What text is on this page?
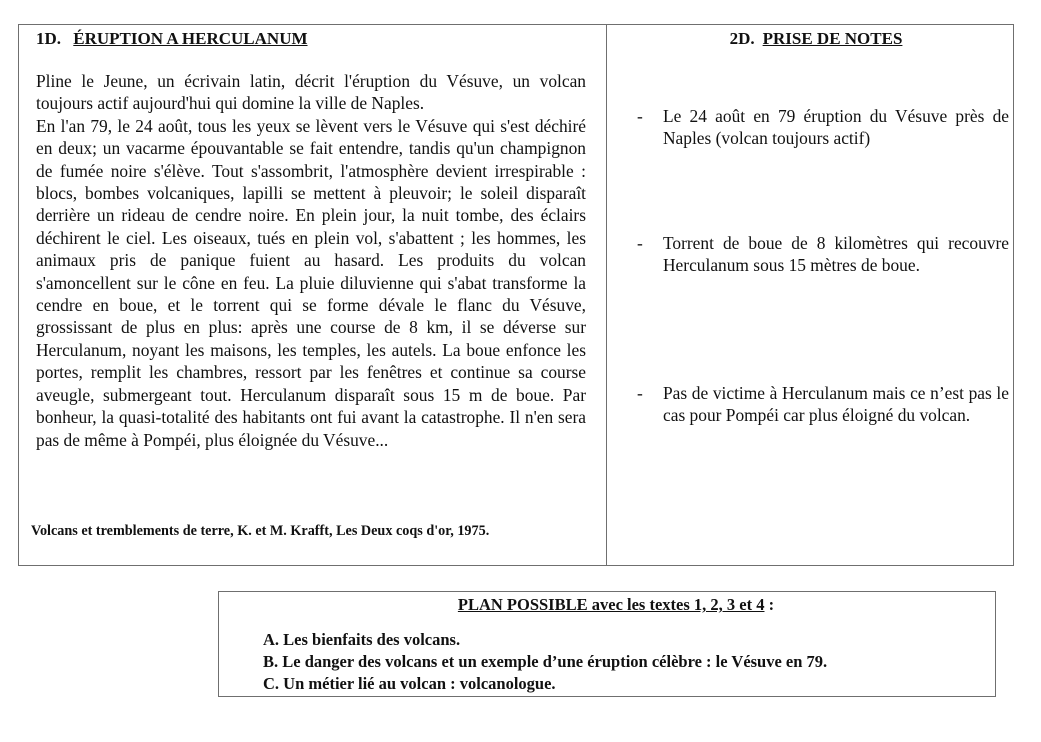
1D. ÉRUPTION A HERCULANUM

Pline le Jeune, un écrivain latin, décrit l'éruption du Vésuve, un volcan toujours actif aujourd'hui qui domine la ville de Naples.

En l'an 79, le 24 août, tous les yeux se lèvent vers le Vésuve qui s'est déchiré en deux; un vacarme épouvantable se fait entendre, tandis qu'un champignon de fumée noire s'élève. Tout s'assombrit, l'atmosphère devient irrespirable : blocs, bombes volcaniques, lapilli se mettent à pleuvoir; le soleil disparaît derrière un rideau de cendre noire. En plein jour, la nuit tombe, des éclairs déchirent le ciel. Les oiseaux, tués en plein vol, s'abattent ; les hommes, les animaux pris de panique fuient au hasard. Les produits du volcan s'amoncellent sur le cône en feu. La pluie diluvienne qui s'abat transforme la cendre en boue, et le torrent qui se forme dévale le flanc du Vésuve, grossissant de plus en plus: après une course de 8 km, il se déverse sur Herculanum, noyant les maisons, les temples, les autels. La boue enfonce les portes, remplit les chambres, ressort par les fenêtres et continue sa course aveugle, submergeant tout. Herculanum disparaît sous 15 m de boue. Par bonheur, la quasi-totalité des habitants ont fui avant la catastrophe. Il n'en sera pas de même à Pompéi, plus éloignée du Vésuve...

Volcans et tremblements de terre, K. et M. Krafft, Les Deux coqs d'or, 1975.
2D. PRISE DE NOTES
-	Le 24 août en 79 éruption du Vésuve près de Naples (volcan toujours actif)
-	Torrent de boue de 8 kilomètres qui recouvre  Herculanum sous 15 mètres de boue.
-	Pas de victime à Herculanum mais ce n’est pas le cas pour Pompéi car plus éloigné du volcan.
PLAN POSSIBLE avec les textes 1, 2, 3 et 4 :
A. Les bienfaits des volcans.
B. Le danger des volcans et un exemple d’une éruption célèbre : le Vésuve en 79.
C. Un métier lié au volcan : volcanologue.
